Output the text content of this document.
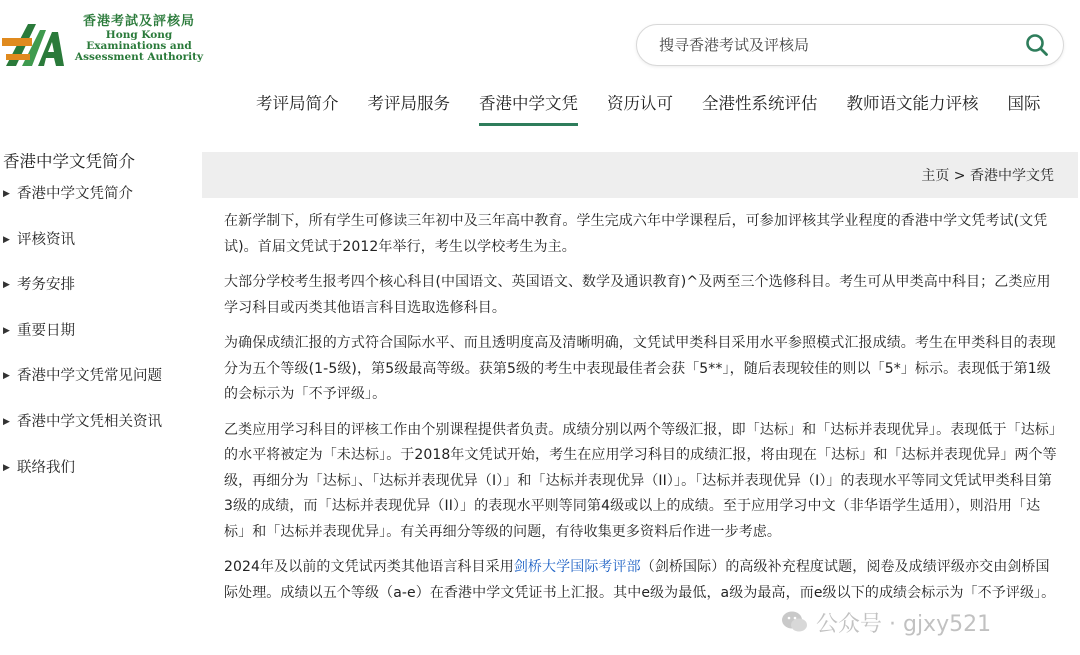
香港考試及評核局
Hong Kong
Examinations and
Assessment Authority
搜寻香港考试及评核局
考评局简介 考评局服务 香港中学文凭 资历认可 全港性系统评估 教师语文能力评核 国际
香港中学文凭简介
▶ 香港中学文凭简介
▶ 评核资讯
▶ 考务安排
▶ 重要日期
▶ 香港中学文凭常见问题
▶ 香港中学文凭相关资讯
▶ 联络我们
主页 > 香港中学文凭

在新学制下，所有学生可修读三年初中及三年高中教育。学生完成六年中学课程后，可参加评核其学业程度的香港中学文凭考试(文凭试)。首届文凭试于2012年举行，考生以学校考生为主。

大部分学校考生报考四个核心科目(中国语文、英国语文、数学及通识教育)^及两至三个选修科目。考生可从甲类高中科目；乙类应用学习科目或丙类其他语言科目选取选修科目。

为确保成绩汇报的方式符合国际水平、而且透明度高及清晰明确，文凭试甲类科目采用水平参照模式汇报成绩。考生在甲类科目的表现分为五个等级(1-5级)，第5级最高等级。获第5级的考生中表现最佳者会获「5**」，随后表现较佳的则以「5*」标示。表现低于第1级的会标示为「不予评级」。

乙类应用学习科目的评核工作由个别课程提供者负责。成绩分别以两个等级汇报，即「达标」和「达标并表现优异」。表现低于「达标」的水平将被定为「未达标」。于2018年文凭试开始，考生在应用学习科目的成绩汇报，将由现在「达标」和「达标并表现优异」两个等级，再细分为「达标」、「达标并表现优异（I）」和「达标并表现优异（II）」。「达标并表现优异（I）」的表现水平等同文凭试甲类科目第3级的成绩，而「达标并表现优异（II）」的表现水平则等同第4级或以上的成绩。至于应用学习中文（非华语学生适用），则沿用「达标」和「达标并表现优异」。有关再细分等级的问题，有待收集更多资料后作进一步考虑。

2024年及以前的文凭试丙类其他语言科目采用剑桥大学国际考评部（剑桥国际）的高级补充程度试题，阅卷及成绩评级亦交由剑桥国际处理。成绩以五个等级（a-e）在香港中学文凭证书上汇报。其中e级为最低，a级为最高，而e级以下的成绩会标示为「不予评级」。

公众号 · gjxy521
